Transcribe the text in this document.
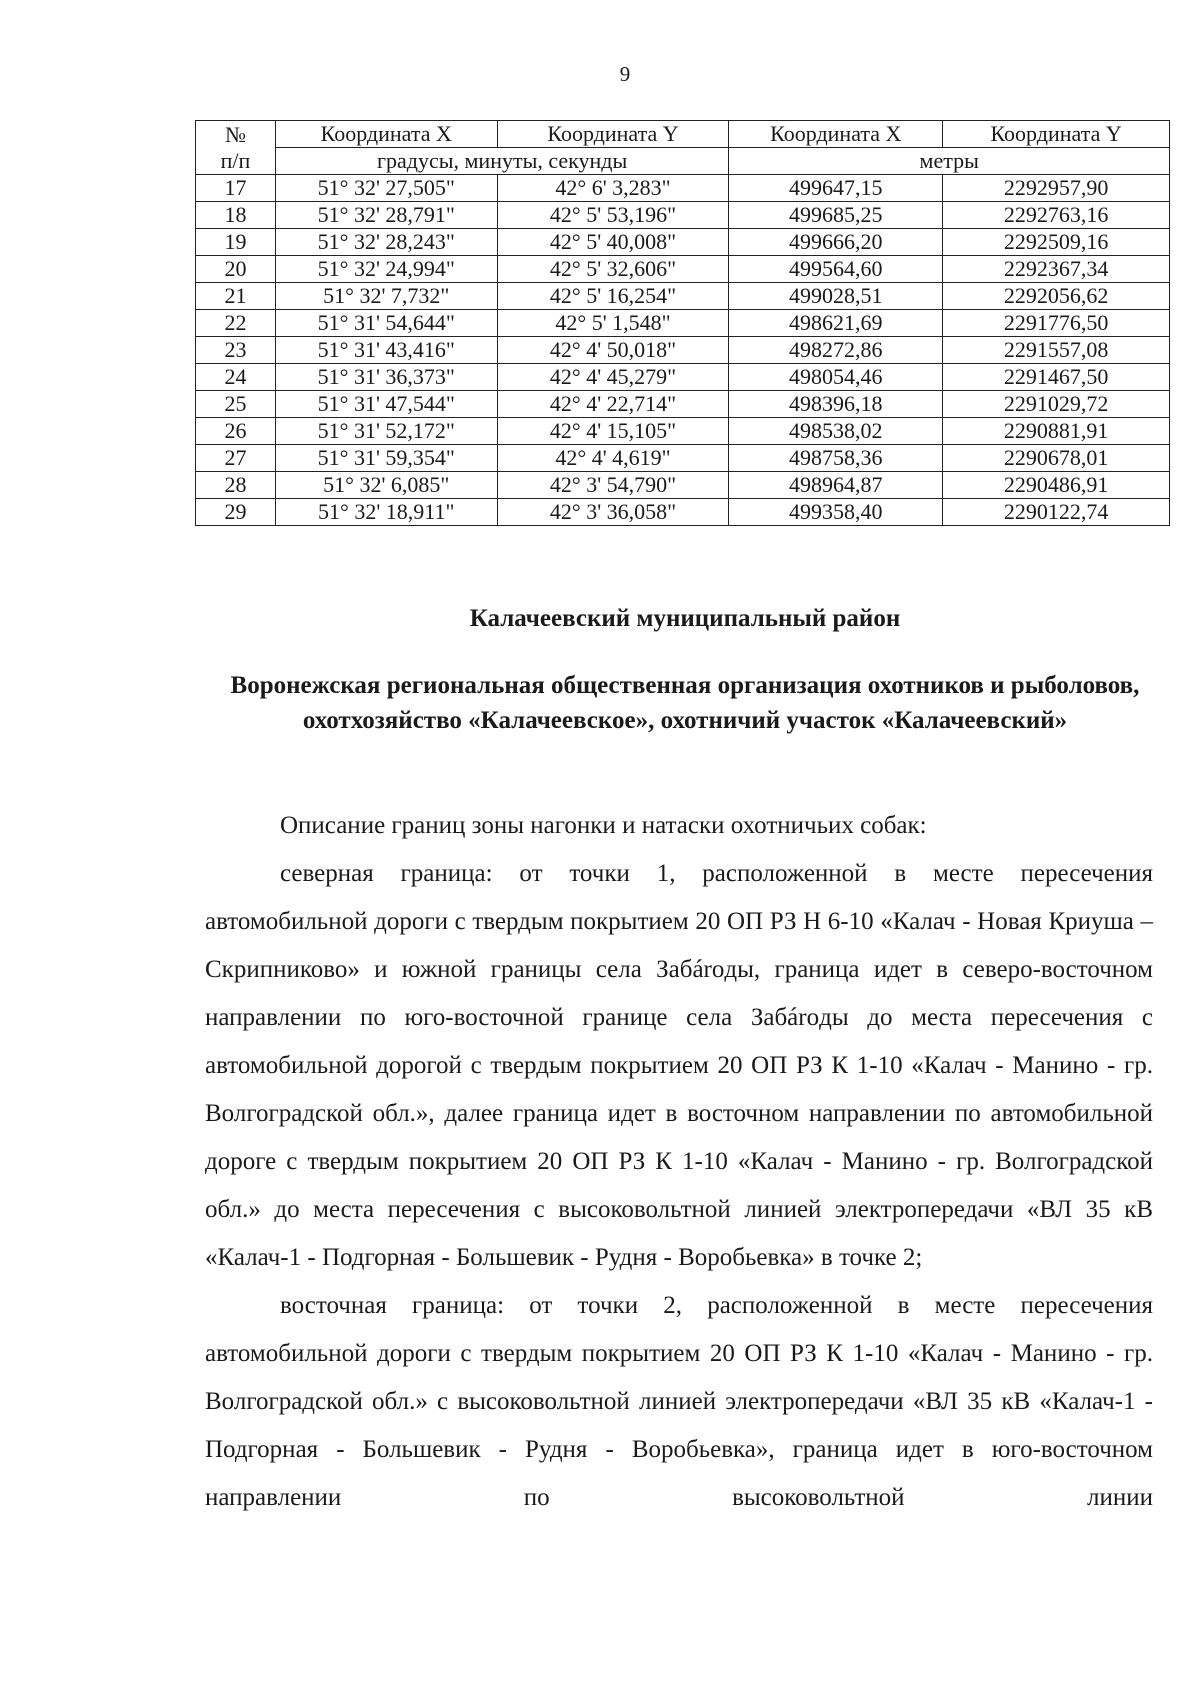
9
№
п/п	Координата X	Координата Y	Координата X	Координата Y
	градусы, минуты, секунды		метры	
17	51° 32' 27,505"	42° 6' 3,283"	499647,15	2292957,90
18	51° 32' 28,791"	42° 5' 53,196"	499685,25	2292763,16
19	51° 32' 28,243"	42° 5' 40,008"	499666,20	2292509,16
20	51° 32' 24,994"	42° 5' 32,606"	499564,60	2292367,34
21	51° 32' 7,732"	42° 5' 16,254"	499028,51	2292056,62
22	51° 31' 54,644"	42° 5' 1,548"	498621,69	2291776,50
23	51° 31' 43,416"	42° 4' 50,018"	498272,86	2291557,08
24	51° 31' 36,373"	42° 4' 45,279"	498054,46	2291467,50
25	51° 31' 47,544"	42° 4' 22,714"	498396,18	2291029,72
26	51° 31' 52,172"	42° 4' 15,105"	498538,02	2290881,91
27	51° 31' 59,354"	42° 4' 4,619"	498758,36	2290678,01
28	51° 32' 6,085"	42° 3' 54,790"	498964,87	2290486,91
29	51° 32' 18,911"	42° 3' 36,058"	499358,40	2290122,74
Калачеевский муниципальный район
Воронежская региональная общественная организация охотников и рыболовов, охотхозяйство «Калачеевское», охотничий участок «Калачеевский»

Описание границ зоны нагонки и натаски охотничьих собак:

северная граница: от точки 1, расположенной в месте пересечения автомобильной дороги с твердым покрытием 20 ОП РЗ Н 6-10 «Калач - Новая Криуша – Скрипниково» и южной границы села Забároды, граница идет в северо-восточном направлении по юго-восточной границе села Забároды до места пересечения с автомобильной дорогой с твердым покрытием 20 ОП РЗ К 1-10 «Калач - Манино - гр. Волгоградской обл.», далее граница идет в восточном направлении по автомобильной дороге с твердым покрытием 20 ОП РЗ К 1-10 «Калач - Манино - гр. Волгоградской обл.» до места пересечения с высоковольтной линией электропередачи «ВЛ 35 кВ «Калач-1 - Подгорная - Большевик - Рудня - Воробьевка» в точке 2;

восточная граница: от точки 2, расположенной в месте пересечения автомобильной дороги с твердым покрытием 20 ОП РЗ К 1-10 «Калач - Манино - гр. Волгоградской обл.» с высоковольтной линией электропередачи «ВЛ 35 кВ «Калач-1 - Подгорная - Большевик - Рудня - Воробьевка», граница идет в юго-восточном направлении по высоковольтной линии
